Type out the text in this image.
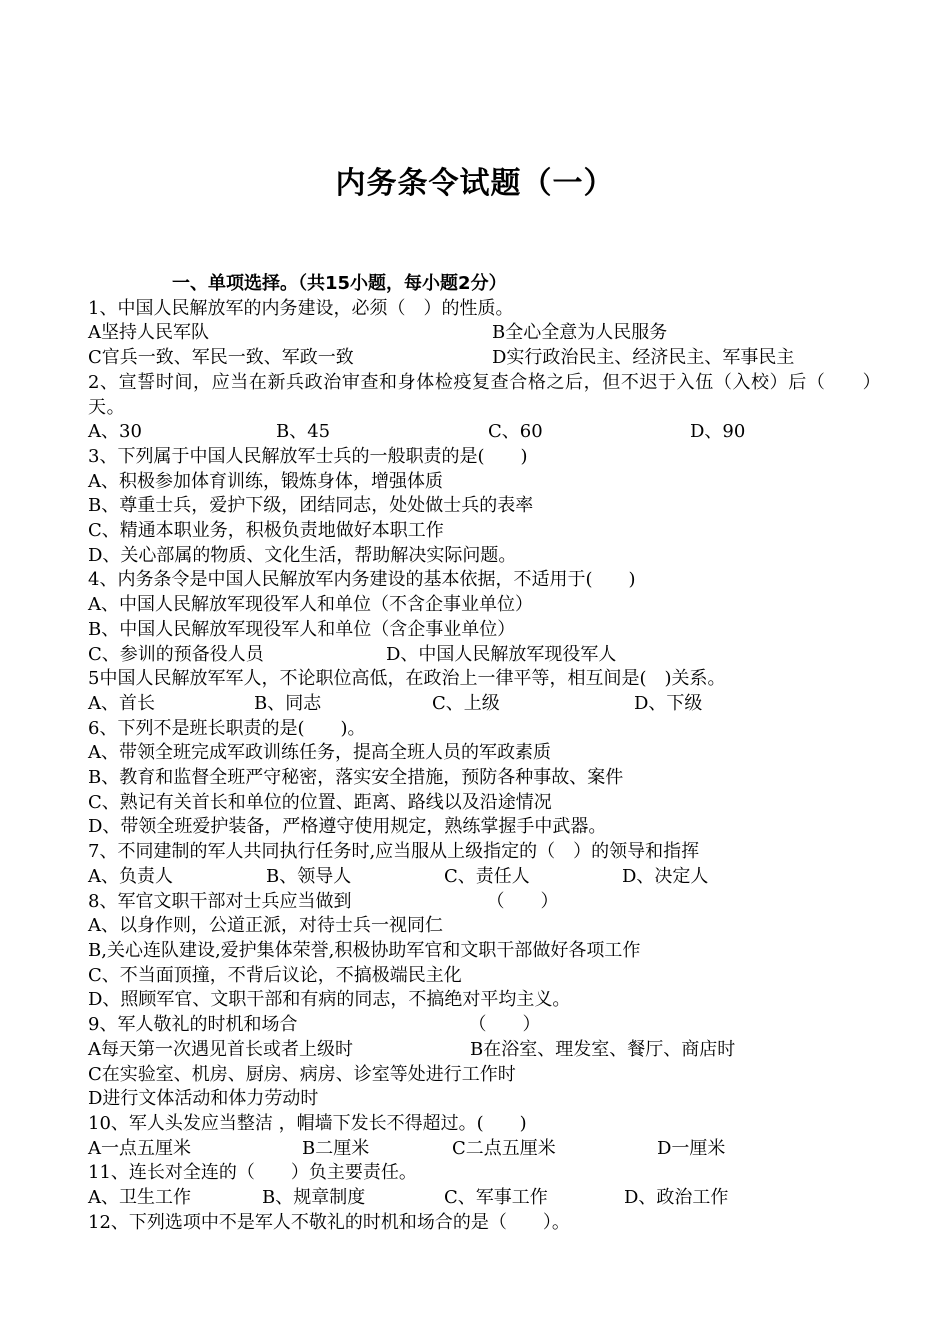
内务条令试题（一）
一、单项选择。（共15小题，每小题2分）
1、中国人民解放军的内务建设，必须（　）的性质。
A坚持人民军队	B全心全意为人民服务
C官兵一致、军民一致、军政一致	D实行政治民主、经济民主、军事民主
2、宣誓时间，应当在新兵政治审查和身体检疫复查合格之后，但不迟于入伍（入校）后（　　）天。
A、30	B、45	C、60	D、90
3、下列属于中国人民解放军士兵的一般职责的是(　　)
A、积极参加体育训练，锻炼身体，增强体质
B、尊重士兵，爱护下级，团结同志，处处做士兵的表率
C、精通本职业务，积极负责地做好本职工作
D、关心部属的物质、文化生活，帮助解决实际问题。
4、内务条令是中国人民解放军内务建设的基本依据，不适用于(　　)
A、中国人民解放军现役军人和单位（不含企事业单位）
B、中国人民解放军现役军人和单位（含企事业单位）
C、参训的预备役人员	D、中国人民解放军现役军人
5中国人民解放军军人，不论职位高低，在政治上一律平等，相互间是(　)关系。
A、首长	B、同志	C、上级	D、下级
6、下列不是班长职责的是(　　)。
A、带领全班完成军政训练任务，提高全班人员的军政素质
B、教育和监督全班严守秘密，落实安全措施，预防各种事故、案件
C、熟记有关首长和单位的位置、距离、路线以及沿途情况
D、带领全班爱护装备，严格遵守使用规定，熟练掌握手中武器。
7、不同建制的军人共同执行任务时,应当服从上级指定的（　）的领导和指挥
A、负责人	B、领导人	C、责任人	D、决定人
8、军官文职干部对士兵应当做到　　　　　　　　（　　）
A、以身作则，公道正派，对待士兵一视同仁
B,关心连队建设,爱护集体荣誉,积极协助军官和文职干部做好各项工作
C、不当面顶撞，不背后议论，不搞极端民主化
D、照顾军官、文职干部和有病的同志，不搞绝对平均主义。
9、军人敬礼的时机和场合　　　　　　　　　　（　　）
A每天第一次遇见首长或者上级时	B在浴室、理发室、餐厅、商店时
C在实验室、机房、厨房、病房、诊室等处进行工作时
D进行文体活动和体力劳动时
10、军人头发应当整洁 ，帽墙下发长不得超过。(　　)
A一点五厘米	B二厘米	C二点五厘米	D一厘米
11、连长对全连的（　　）负主要责任。
A、卫生工作	B、规章制度	C、军事工作	D、政治工作
12、下列选项中不是军人不敬礼的时机和场合的是（　　）。
